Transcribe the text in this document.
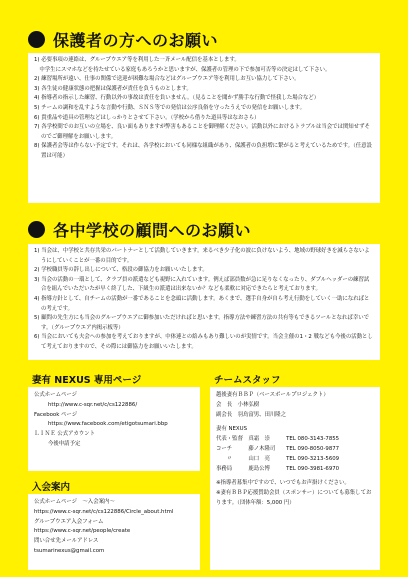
保護者の方へのお願い
1) 必要事項の連絡は、グループウエア等を利用した一斉メール配信を基本とします。
　中学生にスマホなどを持たせている家庭もあろうかと思いますが、保護者の管理の下で参加可否等の決定はして下さい。
2) 練習場所が遠い、仕事の関係で送迎が困難な場合などはグループウエア等を利用しお互い協力して下さい。
3) 各生徒の健康状態の把握は保護者が責任を負うものとします。
4) 指導者の指示した練習、行動以外の事故は責任を負いません。（見ることを聞かず勝手な行動で怪我した場合など）
5) チームの調和を乱すような言動や行動、ＳＮＳ等での発信は公序良俗を守ったうえでの発信をお願いします。
6) 貴重品や道具の管理などはしっかりとさせて下さい。（学校から借りた道具等はなおさら）
7) 各学校間でのお互いの立場を、良い面もありますが弊害もあることを御理解ください。活動以外におけるトラブルは当会では関知せずそのでご御理解をお願いします。
8) 保護者会等は作らない予定です。それは、各学校においても同様な組織があり、保護者の負担増に繋がると考えているためです。（任意設置は可能）
各中学校の顧問へのお願い
1) 当会は、中学校と共存共栄のパートナーとして活動していきます。来るべき少子化の波に負けないよう、地域の野球好きを減らさないようにしていくことが一番の目的です。
2) 学校職員等の辞し出しについて、格段の御協力をお願いいたします。
3) 当会の活動の一環として、クラブ員の派遣なども視野に入れています。例えば部員数が急に足りなくなったり、ダブルヘッダーの練習試合を組んでいただいたが早く終了した、下級生の派遣は出来ないか？なども柔軟に対応できたらと考えております。
4) 指導方針として、自チームの活動が一番であることを念頭に活動します。あくまで、選手自身が自ら考え行動をしていく一助になればとの考えです。
5) 顧問の先生方にも当会のグループウエアに御参加いただければと思います。指導方法や練習方法の共有等もできるツールとなれば幸いです。（グループウエア内掲示板等）
6) 当会においても夫会への参加を考えておりますが、中体連との絡みもあり難しいのが実情です。当会主催の1・2 戦なども今後の活動として考えておりますので、その際には御協力をお願いいたします。
妻有 NEXUS 専用ページ
公式ホームページ
http://www.c-sqr.net/c/cs122886/
Facebook ページ
https://www.facebook.com/etigotsumari.bbp
ＬＩＮＥ 公式アカウント
今後申請予定
入会案内
公式ホームページ　～入会案内～
https://www.c-sqr.net/c/cs122886/Circle_about.html
グループウエア入会フォーム
https://www.c-sqr.net/people/create
問い合せ先メールアドレス
tsumarinexus@gmail.com
チームスタッフ
越後妻有ＢＢＰ（ベースボールプロジェクト）
会　長　小林弘樹
副会長　羽鳥富男、田川隆之
妻有 NEXUS
代表・監督　真霜　崇　　　TEL 080-3143-7855
コーチ　　　藤ノ木隆司　　TEL 090-8050-9877
　　〃　　　山口　亮　　　TEL 090-3213-5609
事務局　　　鹿島公博　　　TEL 090-3981-6970
※指導者募集中ですので、いつでもお声掛けください。
※妻有ＢＢＰ応援賛助会員（スポンサー）についても募集しております。（団体年額：5,000 円）
